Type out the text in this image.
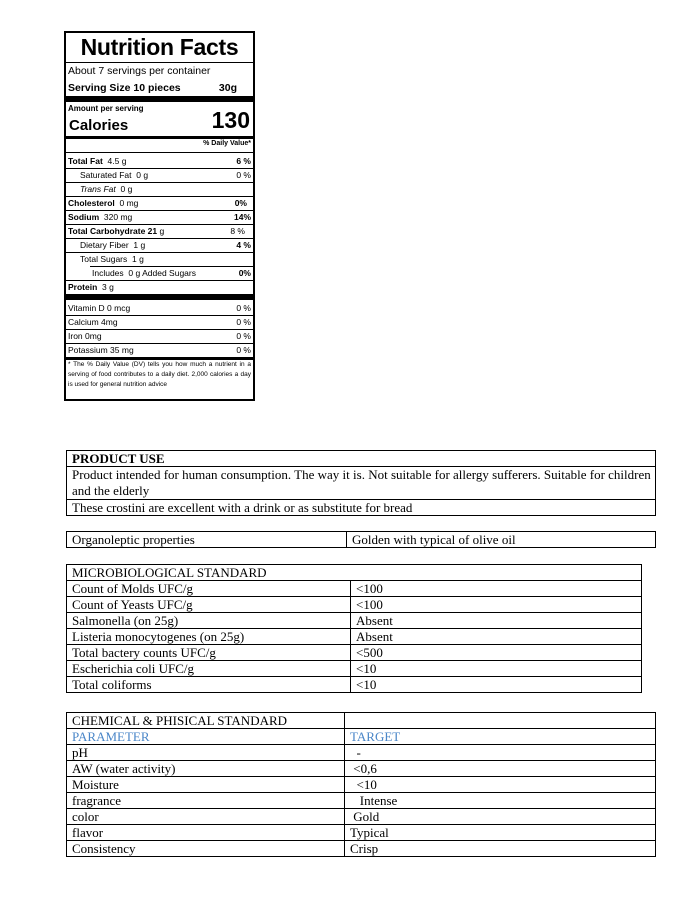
Nutrition Facts
About 7 servings per container
Serving Size 10 pieces	30g
Amount per serving
Calories	130
% Daily Value*
Total Fat 4.5 g	6 %
Saturated Fat 0 g	0 %
Trans Fat 0 g
Cholesterol 0 mg	0%
Sodium 320 mg	14%
Total Carbohydrate 21 g	8 %
Dietary Fiber 1 g	4 %
Total Sugars 1 g
Includes 0 g Added Sugars	0%
Protein 3 g
Vitamin D 0 mcg	0 %
Calcium 4mg	0 %
Iron 0mg	0 %
Potassium 35 mg	0 %
* The % Daily Value (DV) tells you how much a nutrient in a serving of food contributes to a daily diet. 2,000 calories a day is used for general nutrition advice
PRODUCT USE
Product intended for human consumption. The way it is. Not suitable for allergy sufferers. Suitable for children and the elderly
These crostini are excellent with a drink or as substitute for bread
Organoleptic properties	Golden with typical of olive oil
MICROBIOLOGICAL STANDARD	
Count of Molds UFC/g	<100
Count of Yeasts UFC/g	<100
Salmonella (on 25g)	Absent
Listeria monocytogenes (on 25g)	Absent
Total bactery counts UFC/g	<500
Escherichia coli UFC/g	<10
Total coliforms	<10
CHEMICAL & PHISICAL STANDARD	
PARAMETER	TARGET
pH	-
AW (water activity)	<0,6
Moisture	<10
fragrance	Intense
color	Gold
flavor	Typical
Consistency	Crisp
